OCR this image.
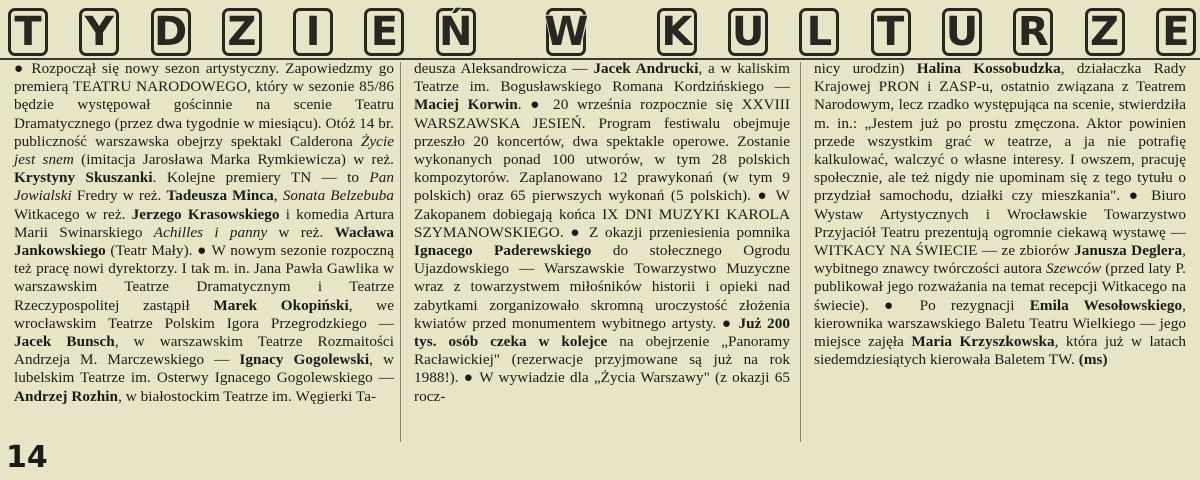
T Y D Z	I	E Ń W K U L T U R Z E

● Rozpoczął się nowy sezon artystyczny. Zapowiedzmy go premierą TEATRU NARODOWEGO, który w sezonie 85/86 będzie występował gościnnie na scenie Teatru Dramatycznego (przez dwa tygodnie w miesiącu). Otóż 14 br. publiczność warszawska obejrzy spektakl Calderona Życie jest snem (imitacja Jarosława Marka Rymkiewicza) w reż. Krystyny Skuszanki. Kolejne premiery TN — to Pan Jowialski Fredry w reż. Tadeusza Minca, Sonata Belzebuba Witkacego w reż. Jerzego Krasowskiego i komedia Artura Marii Swinarskiego Achilles i panny w reż. Wacława Jankowskiego (Teatr Mały). ● W nowym sezonie rozpoczną też pracę nowi dyrektorzy. I tak m. in. Jana Pawła Gawlika w warszawskim Teatrze Dramatycznym i Teatrze Rzeczypospolitej zastąpił Marek Okopiński, we wrocławskim Teatrze Polskim Igora Przegrodzkiego — Jacek Bunsch, w warszawskim Teatrze Rozmaitości Andrzeja M. Marczewskiego — Ignacy Gogolewski, w lubelskim Teatrze im. Osterwy Ignacego Gogolewskiego — Andrzej Rozhin, w białostockim Teatrze im. Węgierki Ta-

deusza Aleksandrowicza — Jacek Andrucki, a w kaliskim Teatrze im. Bogusławskiego Romana Kordzińskiego — Maciej Korwin. ● 20 września rozpocznie się XXVIII WARSZAWSKA JESIEŃ. Program festiwalu obejmuje przeszło 20 koncertów, dwa spektakle operowe. Zostanie wykonanych ponad 100 utworów, w tym 28 polskich kompozytorów. Zaplanowano 12 prawykonań (w tym 9 polskich) oraz 65 pierwszych wykonań (5 polskich). ● W Zakopanem dobiegają końca IX DNI MUZYKI KAROLA SZYMANOWSKIEGO. ● Z okazji przeniesienia pomnika Ignacego Paderewskiego do stołecznego Ogrodu Ujazdowskiego — Warszawskie Towarzystwo Muzyczne wraz z towarzystwem miłośników historii i opieki nad zabytkami zorganizowało skromną uroczystość złożenia kwiatów przed monumentem wybitnego artysty. ● Już 200 tys. osób czeka w kolejce na obejrzenie „Panoramy Racławickiej" (rezerwacje przyjmowane są już na rok 1988!). ● W wywiadzie dla „Życia Warszawy" (z okazji 65 rocz-

nicy urodzin) Halina Kossobudzka, działaczka Rady Krajowej PRON i ZASP-u, ostatnio związana z Teatrem Narodowym, lecz rzadko występująca na scenie, stwierdziła m. in.: „Jestem już po prostu zmęczona. Aktor powinien przede wszystkim grać w teatrze, a ja nie potrafię kalkulować, walczyć o własne interesy. I owszem, pracuję społecznie, ale też nigdy nie upominam się z tego tytułu o przydział samochodu, działki czy mieszkania". ● Biuro Wystaw Artystycznych i Wrocławskie Towarzystwo Przyjaciół Teatru prezentują ogromnie ciekawą wystawę — WITKACY NA ŚWIECIE — ze zbiorów Janusza Deglera, wybitnego znawcy twórczości autora Szewców (przed laty P. publikował jego rozważania na temat recepcji Witkacego na świecie). ● Po rezygnacji Emila Wesołowskiego, kierownika warszawskiego Baletu Teatru Wielkiego — jego miejsce zajęła Maria Krzyszkowska, która już w latach siedemdziesiątych kierowała Baletem TW. (ms)

14
